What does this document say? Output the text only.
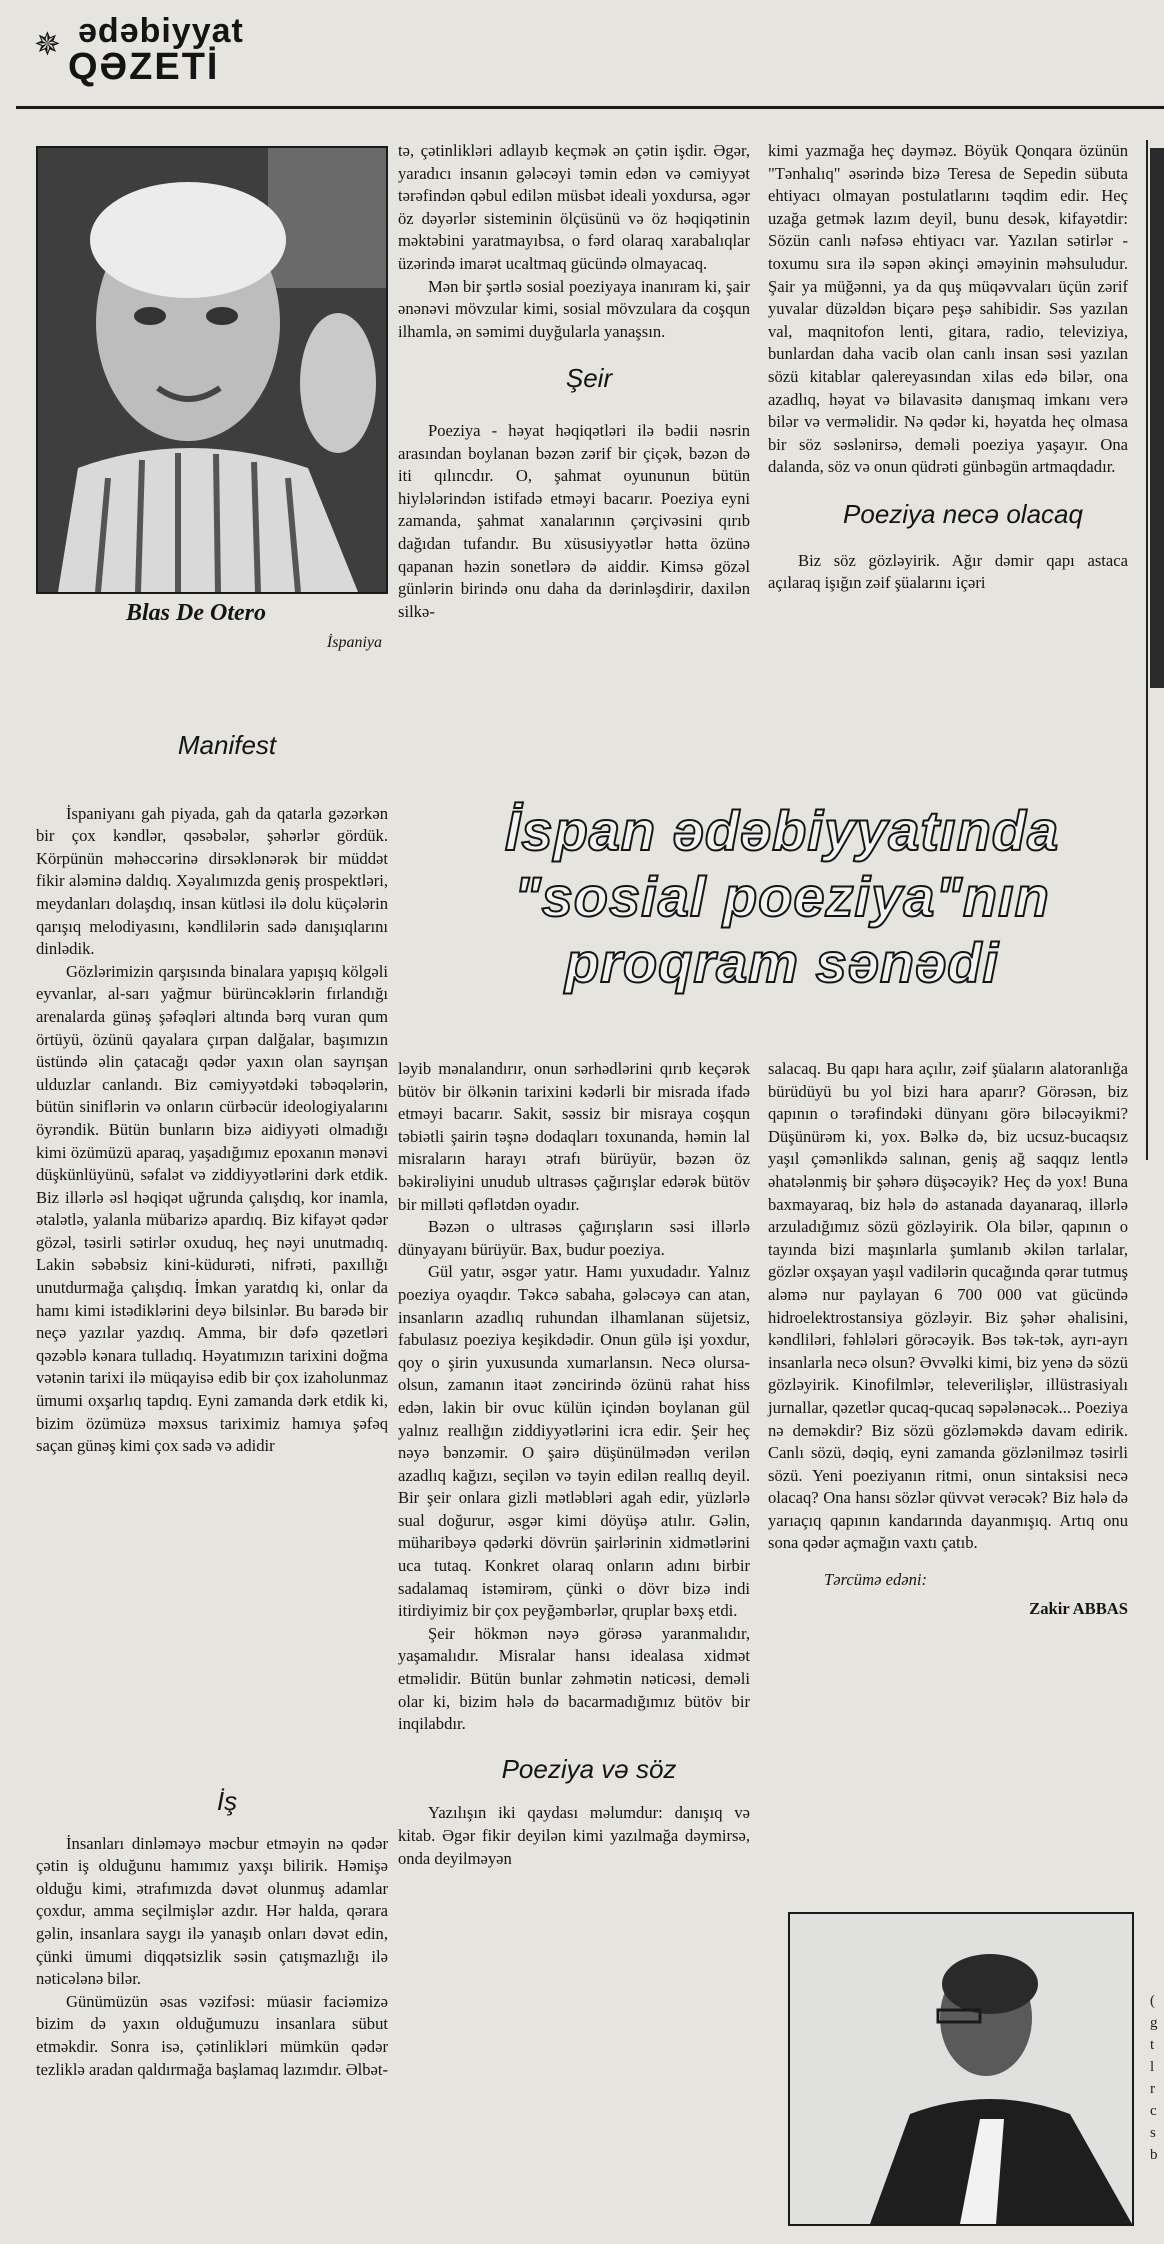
✵ ədəbiyyat
QƏZETİ
(
g
t
l
r
c
s
b
Blas De Otero
İspaniya

Manifest

İspaniyanı gah piyada, gah da qatarla gəzərkən bir çox kəndlər, qəsəbələr, şəhərlər gördük. Körpünün məhəccərinə dirsəklənərək bir müddət fikir aləminə daldıq. Xəyalımızda geniş prospektləri, meydanları dolaşdıq, insan kütləsi ilə dolu küçələrin qarışıq melodiyasını, kəndlilərin sadə danışıqlarını dinlədik.

Gözlərimizin qarşısında binalara yapışıq kölgəli eyvanlar, al-sarı yağmur bürüncəklərin fırlandığı arenalarda günəş şəfəqləri altında bərq vuran qum örtüyü, özünü qayalara çırpan dalğalar, başımızın üstündə əlin çatacağı qədər yaxın olan sayrışan ulduzlar canlandı. Biz cəmiyyətdəki təbəqələrin, bütün siniflərin və onların cürbəcür ideologiyalarını öyrəndik. Bütün bunların bizə aidiyyəti olmadığı kimi özümüzü aparaq, yaşadığımız epoxanın mənəvi düşkünlüyünü, səfalət və ziddiyyətlərini dərk etdik. Biz illərlə əsl həqiqət uğrunda çalışdıq, kor inamla, ətalətlə, yalanla mübarizə apardıq. Biz kifayət qədər gözəl, təsirli sətirlər oxuduq, heç nəyi unutmadıq. Lakin səbəbsiz kini-küdurəti, nifrəti, paxıllığı unutdurmağa çalışdıq. İmkan yaratdıq ki, onlar da hamı kimi istədiklərini deyə bilsinlər. Bu barədə bir neçə yazılar yazdıq. Amma, bir dəfə qəzetləri qəzəblə kənara tulladıq. Həyatımızın tarixini doğma vətənin tarixi ilə müqayisə edib bir çox izaholunmaz ümumi oxşarlıq tapdıq. Eyni zamanda dərk etdik ki, bizim özümüzə məxsus tariximiz hamıya şəfəq saçan günəş kimi çox sadə və adidir

İş

İnsanları dinləməyə məcbur etməyin nə qədər çətin iş olduğunu hamımız yaxşı bilirik. Həmişə olduğu kimi, ətrafımızda dəvət olunmuş adamlar çoxdur, amma seçilmişlər azdır. Hər halda, qərara gəlin, insanlara saygı ilə yanaşıb onları dəvət edin, çünki ümumi diqqətsizlik səsin çatışmazlığı ilə nəticələnə bilər.

Günümüzün əsas vəzifəsi: müasir faciəmizə bizim də yaxın olduğumuzu insanlara sübut etməkdir. Sonra isə, çətinlikləri mümkün qədər tezliklə aradan qaldırmağa başlamaq lazımdır. Əlbət-

tə, çətinlikləri adlayıb keçmək ən çətin işdir. Əgər, yaradıcı insanın gələcəyi təmin edən və cəmiyyət tərəfindən qəbul edilən müsbət ideali yoxdursa, əgər öz dəyərlər sisteminin ölçüsünü və öz həqiqətinin məktəbini yaratmayıbsa, o fərd olaraq xarabalıqlar üzərində imarət ucaltmaq gücündə olmayacaq.

Mən bir şərtlə sosial poeziyaya inanıram ki, şair ənənəvi mövzular kimi, sosial mövzulara da coşqun ilhamla, ən səmimi duyğularla yanaşsın.

Şeir

Poeziya - həyat həqiqətləri ilə bədii nəsrin arasından boylanan bəzən zərif bir çiçək, bəzən də iti qılıncdır. O, şahmat oyununun bütün hiylələrindən istifadə etməyi bacarır. Poeziya eyni zamanda, şahmat xanalarının çərçivəsini qırıb dağıdan tufandır. Bu xüsusiyyətlər hətta özünə qapanan həzin sonetlərə də aiddir. Kimsə gözəl günlərin birində onu daha da dərinləşdirir, daxilən silkə-

kimi yazmağa heç dəyməz. Böyük Qonqara özünün "Tənhalıq" əsərində bizə Teresa de Sepedin sübuta ehtiyacı olmayan postulatlarını təqdim edir. Heç uzağa getmək lazım deyil, bunu desək, kifayətdir: Sözün canlı nəfəsə ehtiyacı var. Yazılan sətirlər - toxumu sıra ilə səpən əkinçi əməyinin məhsuludur. Şair ya müğənni, ya da quş müqəvvaları üçün zərif yuvalar düzəldən biçarə peşə sahibidir. Səs yazılan val, maqnitofon lenti, gitara, radio, televiziya, bunlardan daha vacib olan canlı insan səsi yazılan sözü kitablar qalereyasından xilas edə bilər, ona azadlıq, həyat və bilavasitə danışmaq imkanı verə bilər və verməlidir. Nə qədər ki, həyatda heç olmasa bir söz səslənirsə, deməli poeziya yaşayır. Ona dalanda, söz və onun qüdrəti günbəgün artmaqdadır.

Poeziya necə olacaq

Biz söz gözləyirik. Ağır dəmir qapı astaca açılaraq işığın zəif şüalarını içəri

İspan ədəbiyyatında
"sosial poeziya"nın
proqram sənədi

ləyib mənalandırır, onun sərhədlərini qırıb keçərək bütöv bir ölkənin tarixini kədərli bir misrada ifadə etməyi bacarır. Sakit, səssiz bir misraya coşqun təbiətli şairin təşnə dodaqları toxunanda, həmin lal misraların harayı ətrafı bürüyür, bəzən öz bəkirəliyini unudub ultrasəs çağırışlar edərək bütöv bir milləti qəflətdən oyadır.

Bəzən o ultrasəs çağırışların səsi illərlə dünyayanı bürüyür. Bax, budur poeziya.

Gül yatır, əsgər yatır. Hamı yuxudadır. Yalnız poeziya oyaqdır. Təkcə sabaha, gələcəyə can atan, insanların azadlıq ruhundan ilhamlanan süjetsiz, fabulasız poeziya keşikdədir. Onun gülə işi yoxdur, qoy o şirin yuxusunda xumarlansın. Necə olursa-olsun, zamanın itaət zəncirində özünü rahat hiss edən, lakin bir ovuc külün içindən boylanan gül yalnız reallığın ziddiyyətlərini icra edir. Şeir heç nəyə bənzəmir. O şairə düşünülmədən verilən azadlıq kağızı, seçilən və təyin edilən reallıq deyil. Bir şeir onlara gizli mətləbləri agah edir, yüzlərlə sual doğurur, əsgər kimi döyüşə atılır. Gəlin, müharibəyə qədərki dövrün şairlərinin xidmətlərini uca tutaq. Konkret olaraq onların adını birbir sadalamaq istəmirəm, çünki o dövr bizə indi itirdiyimiz bir çox peyğəmbərlər, qruplar bəxş etdi.

Şeir hökmən nəyə görəsə yaranmalıdır, yaşamalıdır. Misralar hansı idealasa xidmət etməlidir. Bütün bunlar zəhmətin nəticəsi, deməli olar ki, bizim hələ də bacarmadığımız bütöv bir inqilabdır.

Poeziya və söz

Yazılışın iki qaydası məlumdur: danışıq və kitab. Əgər fikir deyilən kimi yazılmağa dəymirsə, onda deyilməyən

salacaq. Bu qapı hara açılır, zəif şüaların alatoranlığa bürüdüyü bu yol bizi hara aparır? Görəsən, biz qapının o tərəfindəki dünyanı görə biləcəyikmi? Düşünürəm ki, yox. Bəlkə də, biz ucsuz-bucaqsız yaşıl çəmənlikdə salınan, geniş ağ saqqız lentlə əhatələnmiş bir şəhərə düşəcəyik? Heç də yox! Buna baxmayaraq, biz hələ də astanada dayanaraq, illərlə arzuladığımız sözü gözləyirik. Ola bilər, qapının o tayında bizi maşınlarla şumlanıb əkilən tarlalar, gözlər oxşayan yaşıl vadilərin qucağında qərar tutmuş aləmə nur paylayan 6 700 000 vat gücündə hidroelektrostansiya gözləyir. Biz şəhər əhalisini, kəndliləri, fəhlələri görəcəyik. Bəs tək-tək, ayrı-ayrı insanlarla necə olsun? Əvvəlki kimi, biz yenə də sözü gözləyirik. Kinofilmlər, televerilişlər, illüstrasiyalı jurnallar, qəzetlər qucaq-qucaq səpələnəcək... Poeziya nə deməkdir? Biz sözü gözləməkdə davam edirik. Canlı sözü, dəqiq, eyni zamanda gözlənilməz təsirli sözü. Yeni poeziyanın ritmi, onun sintaksisi necə olacaq? Ona hansı sözlər qüvvət verəcək? Biz hələ də yarıaçıq qapının kandarında dayanmışıq. Artıq onu sona qədər açmağın vaxtı çatıb.

Tərcümə edəni:

Zakir ABBAS
